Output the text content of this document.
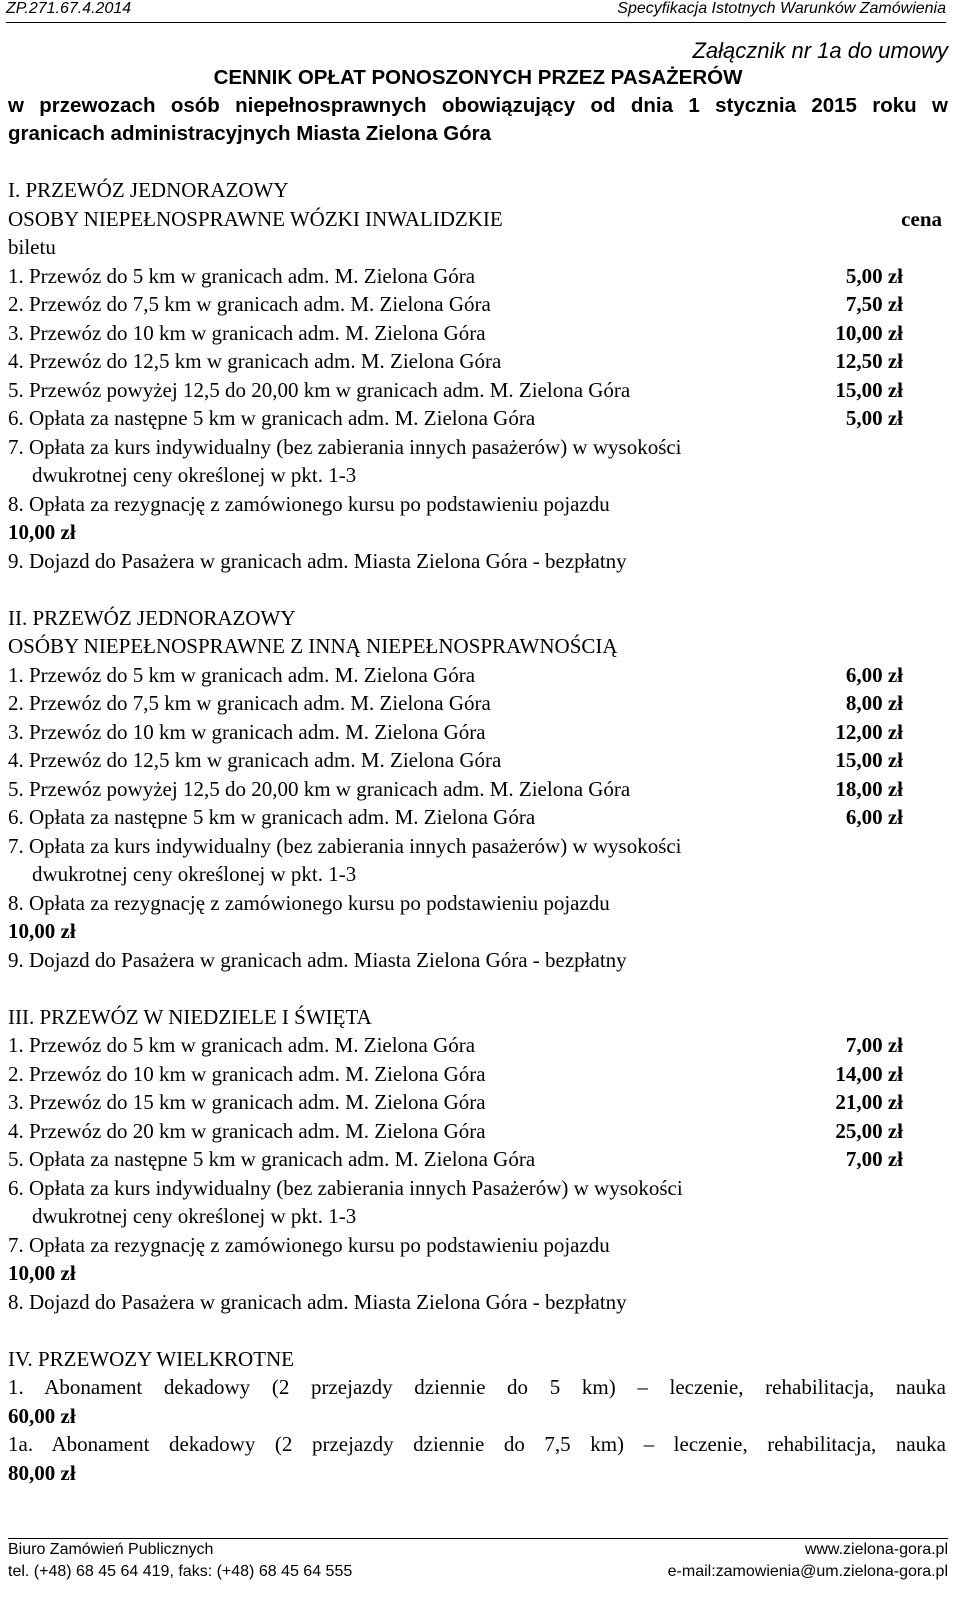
ZP.271.67.4.2014	Specyfikacja Istotnych Warunków Zamówienia
Załącznik nr 1a do umowy
CENNIK OPŁAT PONOSZONYCH PRZEZ PASAŻERÓW
w przewozach osób niepełnosprawnych obowiązujący od dnia 1 stycznia 2015 roku w
granicach administracyjnych Miasta Zielona Góra
I. PRZEWÓZ JEDNORAZOWY
OSOBY NIEPEŁNOSPRAWNE WÓZKI INWALIDZKIE	cena
biletu
1. Przewóz do 5 km w granicach adm. M. Zielona Góra	5,00 zł
2. Przewóz do 7,5 km w granicach adm. M. Zielona Góra	7,50 zł
3. Przewóz do 10 km w granicach adm. M. Zielona Góra	10,00 zł
4. Przewóz do 12,5 km w granicach adm. M. Zielona Góra	12,50 zł
5. Przewóz powyżej 12,5 do 20,00 km w granicach adm. M. Zielona Góra	15,00 zł
6. Opłata za następne 5 km w granicach adm. M. Zielona Góra	5,00 zł
7. Opłata za kurs indywidualny (bez zabierania innych pasażerów) w wysokości
dwukrotnej ceny określonej w pkt. 1-3
8. Opłata za rezygnację z zamówionego kursu po podstawieniu pojazdu
10,00 zł
9. Dojazd do Pasażera w granicach adm. Miasta Zielona Góra - bezpłatny
II. PRZEWÓZ JEDNORAZOWY
OSÓBY NIEPEŁNOSPRAWNE Z INNĄ NIEPEŁNOSPRAWNOŚCIĄ
1. Przewóz do 5 km w granicach adm. M. Zielona Góra	6,00 zł
2. Przewóz do 7,5 km w granicach adm. M. Zielona Góra	8,00 zł
3. Przewóz do 10 km w granicach adm. M. Zielona Góra	12,00 zł
4. Przewóz do 12,5 km w granicach adm. M. Zielona Góra	15,00 zł
5. Przewóz powyżej 12,5 do 20,00 km w granicach adm. M. Zielona Góra	18,00 zł
6. Opłata za następne 5 km w granicach adm. M. Zielona Góra	6,00 zł
7. Opłata za kurs indywidualny (bez zabierania innych pasażerów) w wysokości
dwukrotnej ceny określonej w pkt. 1-3
8. Opłata za rezygnację z zamówionego kursu po podstawieniu pojazdu
10,00 zł
9. Dojazd do Pasażera w granicach adm. Miasta Zielona Góra - bezpłatny
III. PRZEWÓZ W NIEDZIELE I ŚWIĘTA
1. Przewóz do 5 km w granicach adm. M. Zielona Góra	7,00 zł
2. Przewóz do 10 km w granicach adm. M. Zielona Góra	14,00 zł
3. Przewóz do 15 km w granicach adm. M. Zielona Góra	21,00 zł
4. Przewóz do 20 km w granicach adm. M. Zielona Góra	25,00 zł
5. Opłata za następne 5 km w granicach adm. M. Zielona Góra	7,00 zł
6. Opłata za kurs indywidualny (bez zabierania innych Pasażerów) w wysokości
dwukrotnej ceny określonej w pkt. 1-3
7. Opłata za rezygnację z zamówionego kursu po podstawieniu pojazdu
10,00 zł
8. Dojazd do Pasażera w granicach adm. Miasta Zielona Góra - bezpłatny
IV. PRZEWOZY WIELKROTNE
1. Abonament dekadowy (2 przejazdy dziennie do 5 km) – leczenie, rehabilitacja, nauka
60,00 zł
1a. Abonament dekadowy (2 przejazdy dziennie do 7,5 km) – leczenie, rehabilitacja, nauka
80,00 zł
Biuro Zamówień Publicznych	www.zielona-gora.pl
tel. (+48) 68 45 64 419, faks: (+48) 68 45 64 555	e-mail:zamowienia@um.zielona-gora.pl
